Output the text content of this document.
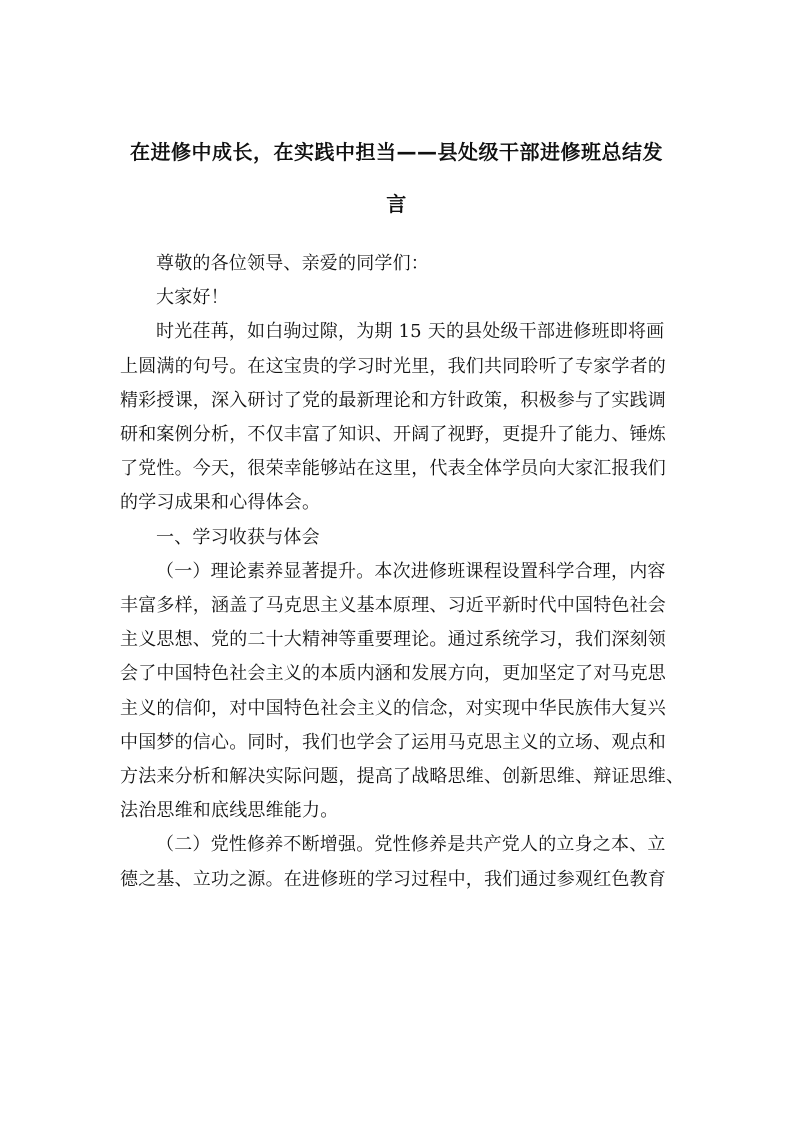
在进修中成长，在实践中担当——县处级干部进修班总结发
言
尊敬的各位领导、亲爱的同学们：
大家好！
时光荏苒，如白驹过隙，为期 15 天的县处级干部进修班即将画
上圆满的句号。在这宝贵的学习时光里，我们共同聆听了专家学者的
精彩授课，深入研讨了党的最新理论和方针政策，积极参与了实践调
研和案例分析，不仅丰富了知识、开阔了视野，更提升了能力、锤炼
了党性。今天，很荣幸能够站在这里，代表全体学员向大家汇报我们
的学习成果和心得体会。
一、学习收获与体会
（一）理论素养显著提升。本次进修班课程设置科学合理，内容
丰富多样，涵盖了马克思主义基本原理、习近平新时代中国特色社会
主义思想、党的二十大精神等重要理论。通过系统学习，我们深刻领
会了中国特色社会主义的本质内涵和发展方向，更加坚定了对马克思
主义的信仰，对中国特色社会主义的信念，对实现中华民族伟大复兴
中国梦的信心。同时，我们也学会了运用马克思主义的立场、观点和
方法来分析和解决实际问题，提高了战略思维、创新思维、辩证思维、
法治思维和底线思维能力。
（二）党性修养不断增强。党性修养是共产党人的立身之本、立
德之基、立功之源。在进修班的学习过程中，我们通过参观红色教育
